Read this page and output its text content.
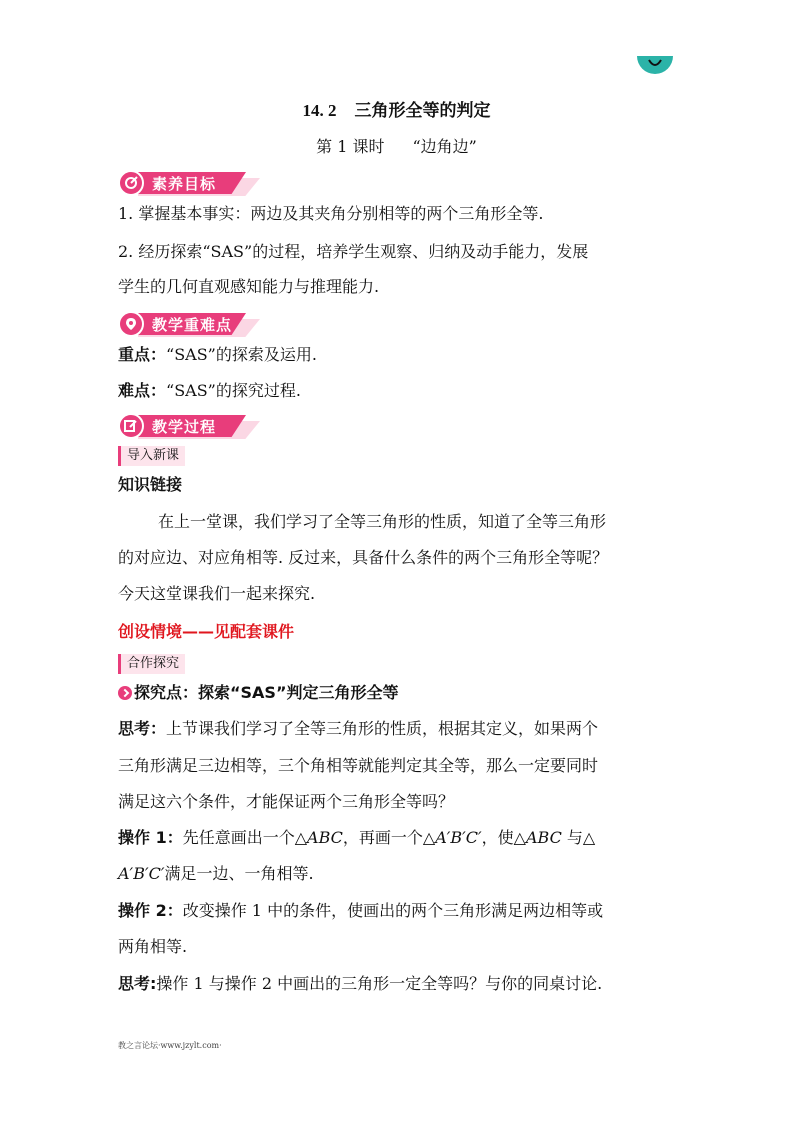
14. 2 三角形全等的判定
第 1 课时 “边角边”
素养目标
1. 掌握基本事实：两边及其夹角分别相等的两个三角形全等.
2. 经历探索“SAS”的过程，培养学生观察、归纳及动手能力，发展
学生的几何直观感知能力与推理能力.
教学重难点
重点：“SAS”的探索及运用.
难点：“SAS”的探究过程.
教学过程
导入新课
知识链接
在上一堂课，我们学习了全等三角形的性质，知道了全等三角形
的对应边、对应角相等. 反过来，具备什么条件的两个三角形全等呢？
今天这堂课我们一起来探究.
创设情境——见配套课件
合作探究
探究点：探索“SAS”判定三角形全等
思考：上节课我们学习了全等三角形的性质，根据其定义，如果两个
三角形满足三边相等，三个角相等就能判定其全等，那么一定要同时
满足这六个条件，才能保证两个三角形全等吗？
操作 1：先任意画出一个△ABC，再画一个△A′B′C′，使△ABC 与△
A′B′C′满足一边、一角相等.
操作 2：改变操作 1 中的条件，使画出的两个三角形满足两边相等或
两角相等.
思考:操作 1 与操作 2 中画出的三角形一定全等吗？与你的同桌讨论.
教之言论坛·www.jzylt.com·
